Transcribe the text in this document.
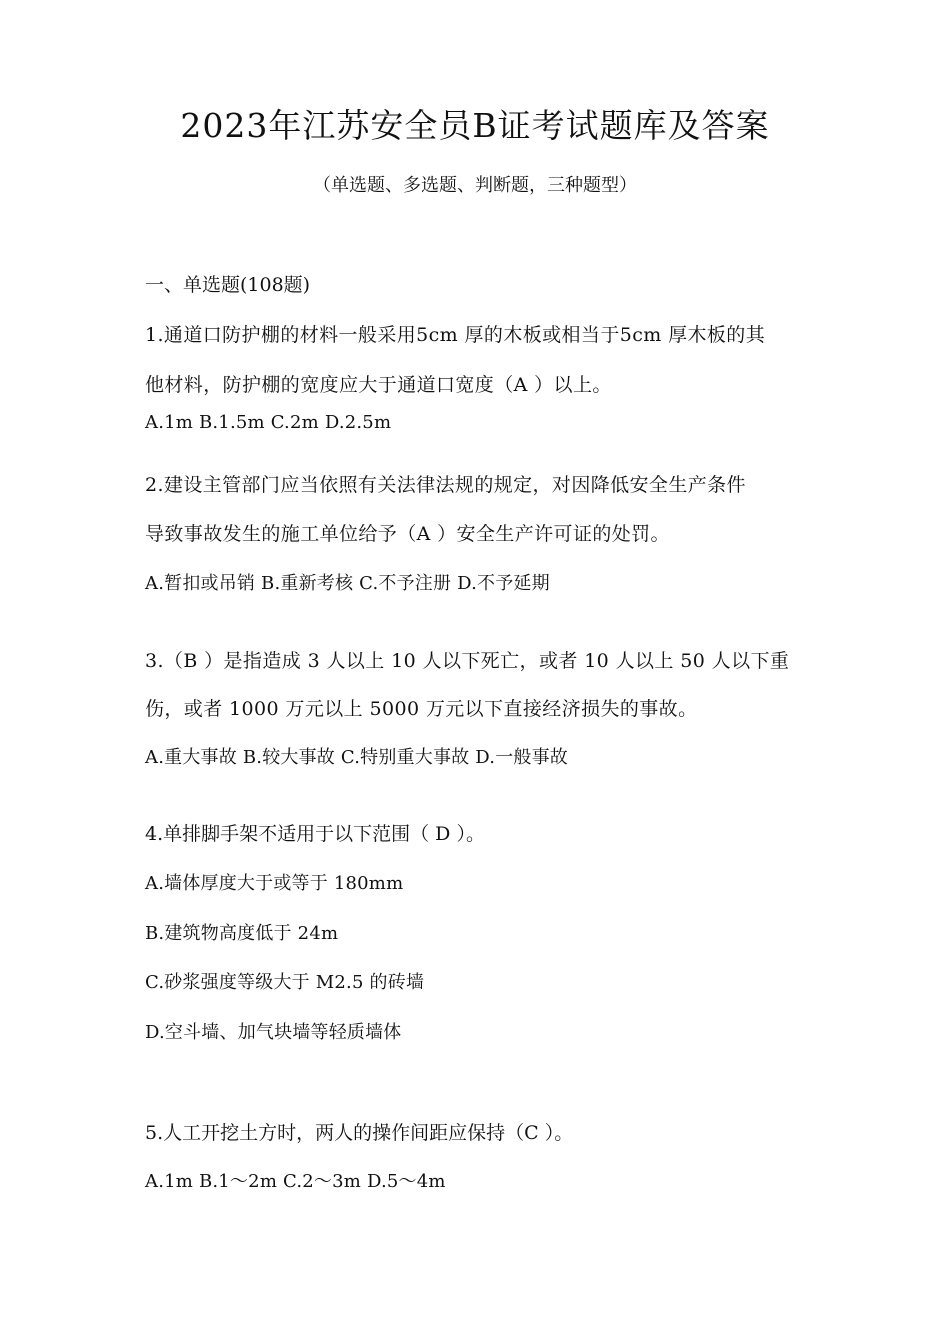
2023年江苏安全员B证考试题库及答案
（单选题、多选题、判断题，三种题型）
一、单选题(108题)
1.通道口防护棚的材料一般采用5cm 厚的木板或相当于5cm 厚木板的其
他材料，防护棚的宽度应大于通道口宽度（A ）以上。
A.1m B.1.5m C.2m D.2.5m
2.建设主管部门应当依照有关法律法规的规定，对因降低安全生产条件
导致事故发生的施工单位给予（A ）安全生产许可证的处罚。
A.暂扣或吊销 B.重新考核 C.不予注册 D.不予延期
3.（B ）是指造成 3 人以上 10 人以下死亡，或者 10 人以上 50 人以下重
伤，或者 1000 万元以上 5000 万元以下直接经济损失的事故。
A.重大事故 B.较大事故 C.特别重大事故 D.一般事故
4.单排脚手架不适用于以下范围（ D ）。
A.墙体厚度大于或等于 180mm
B.建筑物高度低于 24m
C.砂浆强度等级大于 M2.5 的砖墙
D.空斗墙、加气块墙等轻质墙体
5.人工开挖土方时，两人的操作间距应保持（C ）。
A.1m B.1～2m C.2～3m D.5～4m
